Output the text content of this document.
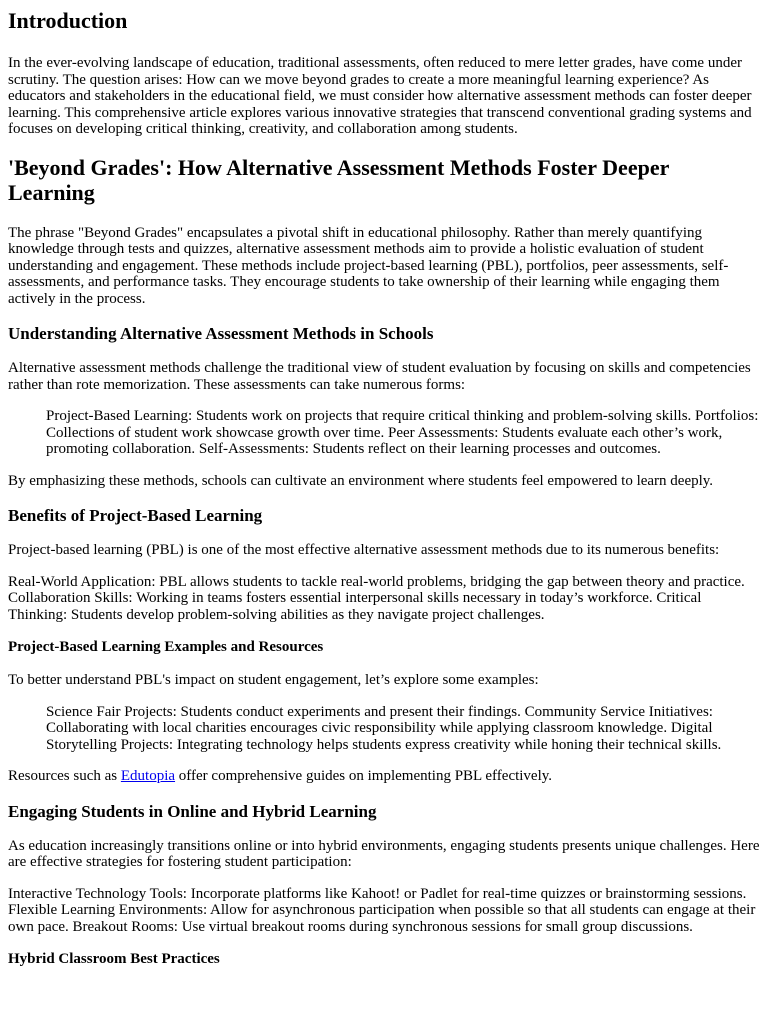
Introduction

In the ever-evolving landscape of education, traditional assessments, often reduced to mere letter grades, have come under scrutiny. The question arises: How can we move beyond grades to create a more meaningful learning experience? As educators and stakeholders in the educational field, we must consider how alternative assessment methods can foster deeper learning. This comprehensive article explores various innovative strategies that transcend conventional grading systems and focuses on developing critical thinking, creativity, and collaboration among students.

'Beyond Grades': How Alternative Assessment Methods Foster Deeper Learning

The phrase "Beyond Grades" encapsulates a pivotal shift in educational philosophy. Rather than merely quantifying knowledge through tests and quizzes, alternative assessment methods aim to provide a holistic evaluation of student understanding and engagement. These methods include project-based learning (PBL), portfolios, peer assessments, self-assessments, and performance tasks. They encourage students to take ownership of their learning while engaging them actively in the process.

Understanding Alternative Assessment Methods in Schools

Alternative assessment methods challenge the traditional view of student evaluation by focusing on skills and competencies rather than rote memorization. These assessments can take numerous forms:

Project-Based Learning: Students work on projects that require critical thinking and problem-solving skills. Portfolios: Collections of student work showcase growth over time. Peer Assessments: Students evaluate each other’s work, promoting collaboration. Self-Assessments: Students reflect on their learning processes and outcomes.

By emphasizing these methods, schools can cultivate an environment where students feel empowered to learn deeply.

Benefits of Project-Based Learning

Project-based learning (PBL) is one of the most effective alternative assessment methods due to its numerous benefits:

Real-World Application: PBL allows students to tackle real-world problems, bridging the gap between theory and practice. Collaboration Skills: Working in teams fosters essential interpersonal skills necessary in today’s workforce. Critical Thinking: Students develop problem-solving abilities as they navigate project challenges.

Project-Based Learning Examples and Resources

To better understand PBL's impact on student engagement, let’s explore some examples:

Science Fair Projects: Students conduct experiments and present their findings. Community Service Initiatives: Collaborating with local charities encourages civic responsibility while applying classroom knowledge. Digital Storytelling Projects: Integrating technology helps students express creativity while honing their technical skills.

Resources such as Edutopia offer comprehensive guides on implementing PBL effectively.

Engaging Students in Online and Hybrid Learning

As education increasingly transitions online or into hybrid environments, engaging students presents unique challenges. Here are effective strategies for fostering student participation:

Interactive Technology Tools: Incorporate platforms like Kahoot! or Padlet for real-time quizzes or brainstorming sessions. Flexible Learning Environments: Allow for asynchronous participation when possible so that all students can engage at their own pace. Breakout Rooms: Use virtual breakout rooms during synchronous sessions for small group discussions.

Hybrid Classroom Best Practices
